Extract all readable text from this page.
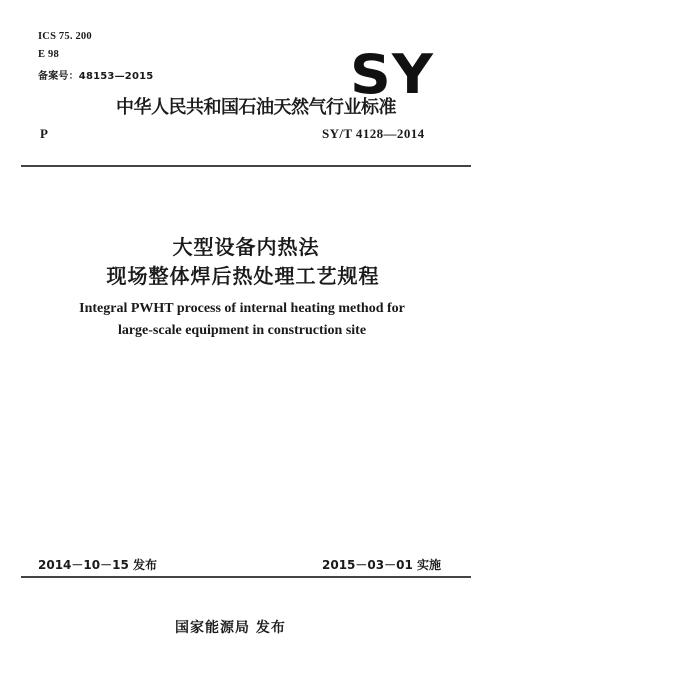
ICS 75. 200
E 98
备案号：48153—2015	SY
中华人民共和国石油天然气行业标准
P	SY/T 4128—2014
大型设备内热法
现场整体焊后热处理工艺规程
Integral PWHT process of internal heating method for
large-scale equipment in construction site
2014－10－15 发布	2015－03－01 实施
国家能源局 发布
